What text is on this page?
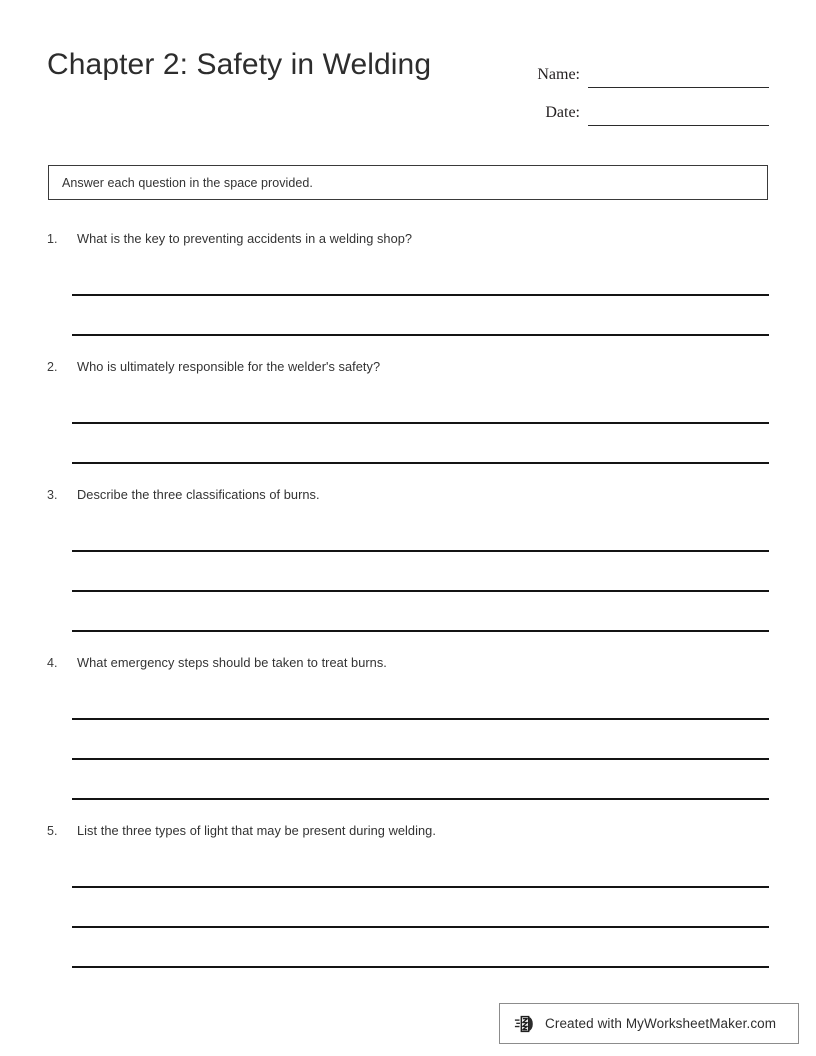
Chapter 2: Safety in Welding	Name:
Date:
Answer each question in the space provided.
1.	What is the key to preventing accidents in a welding shop?
2.	Who is ultimately responsible for the welder's safety?
3.	Describe the three classifications of burns.
4.	What emergency steps should be taken to treat burns.
5.	List the three types of light that may be present during welding.
Created with MyWorksheetMaker.com
